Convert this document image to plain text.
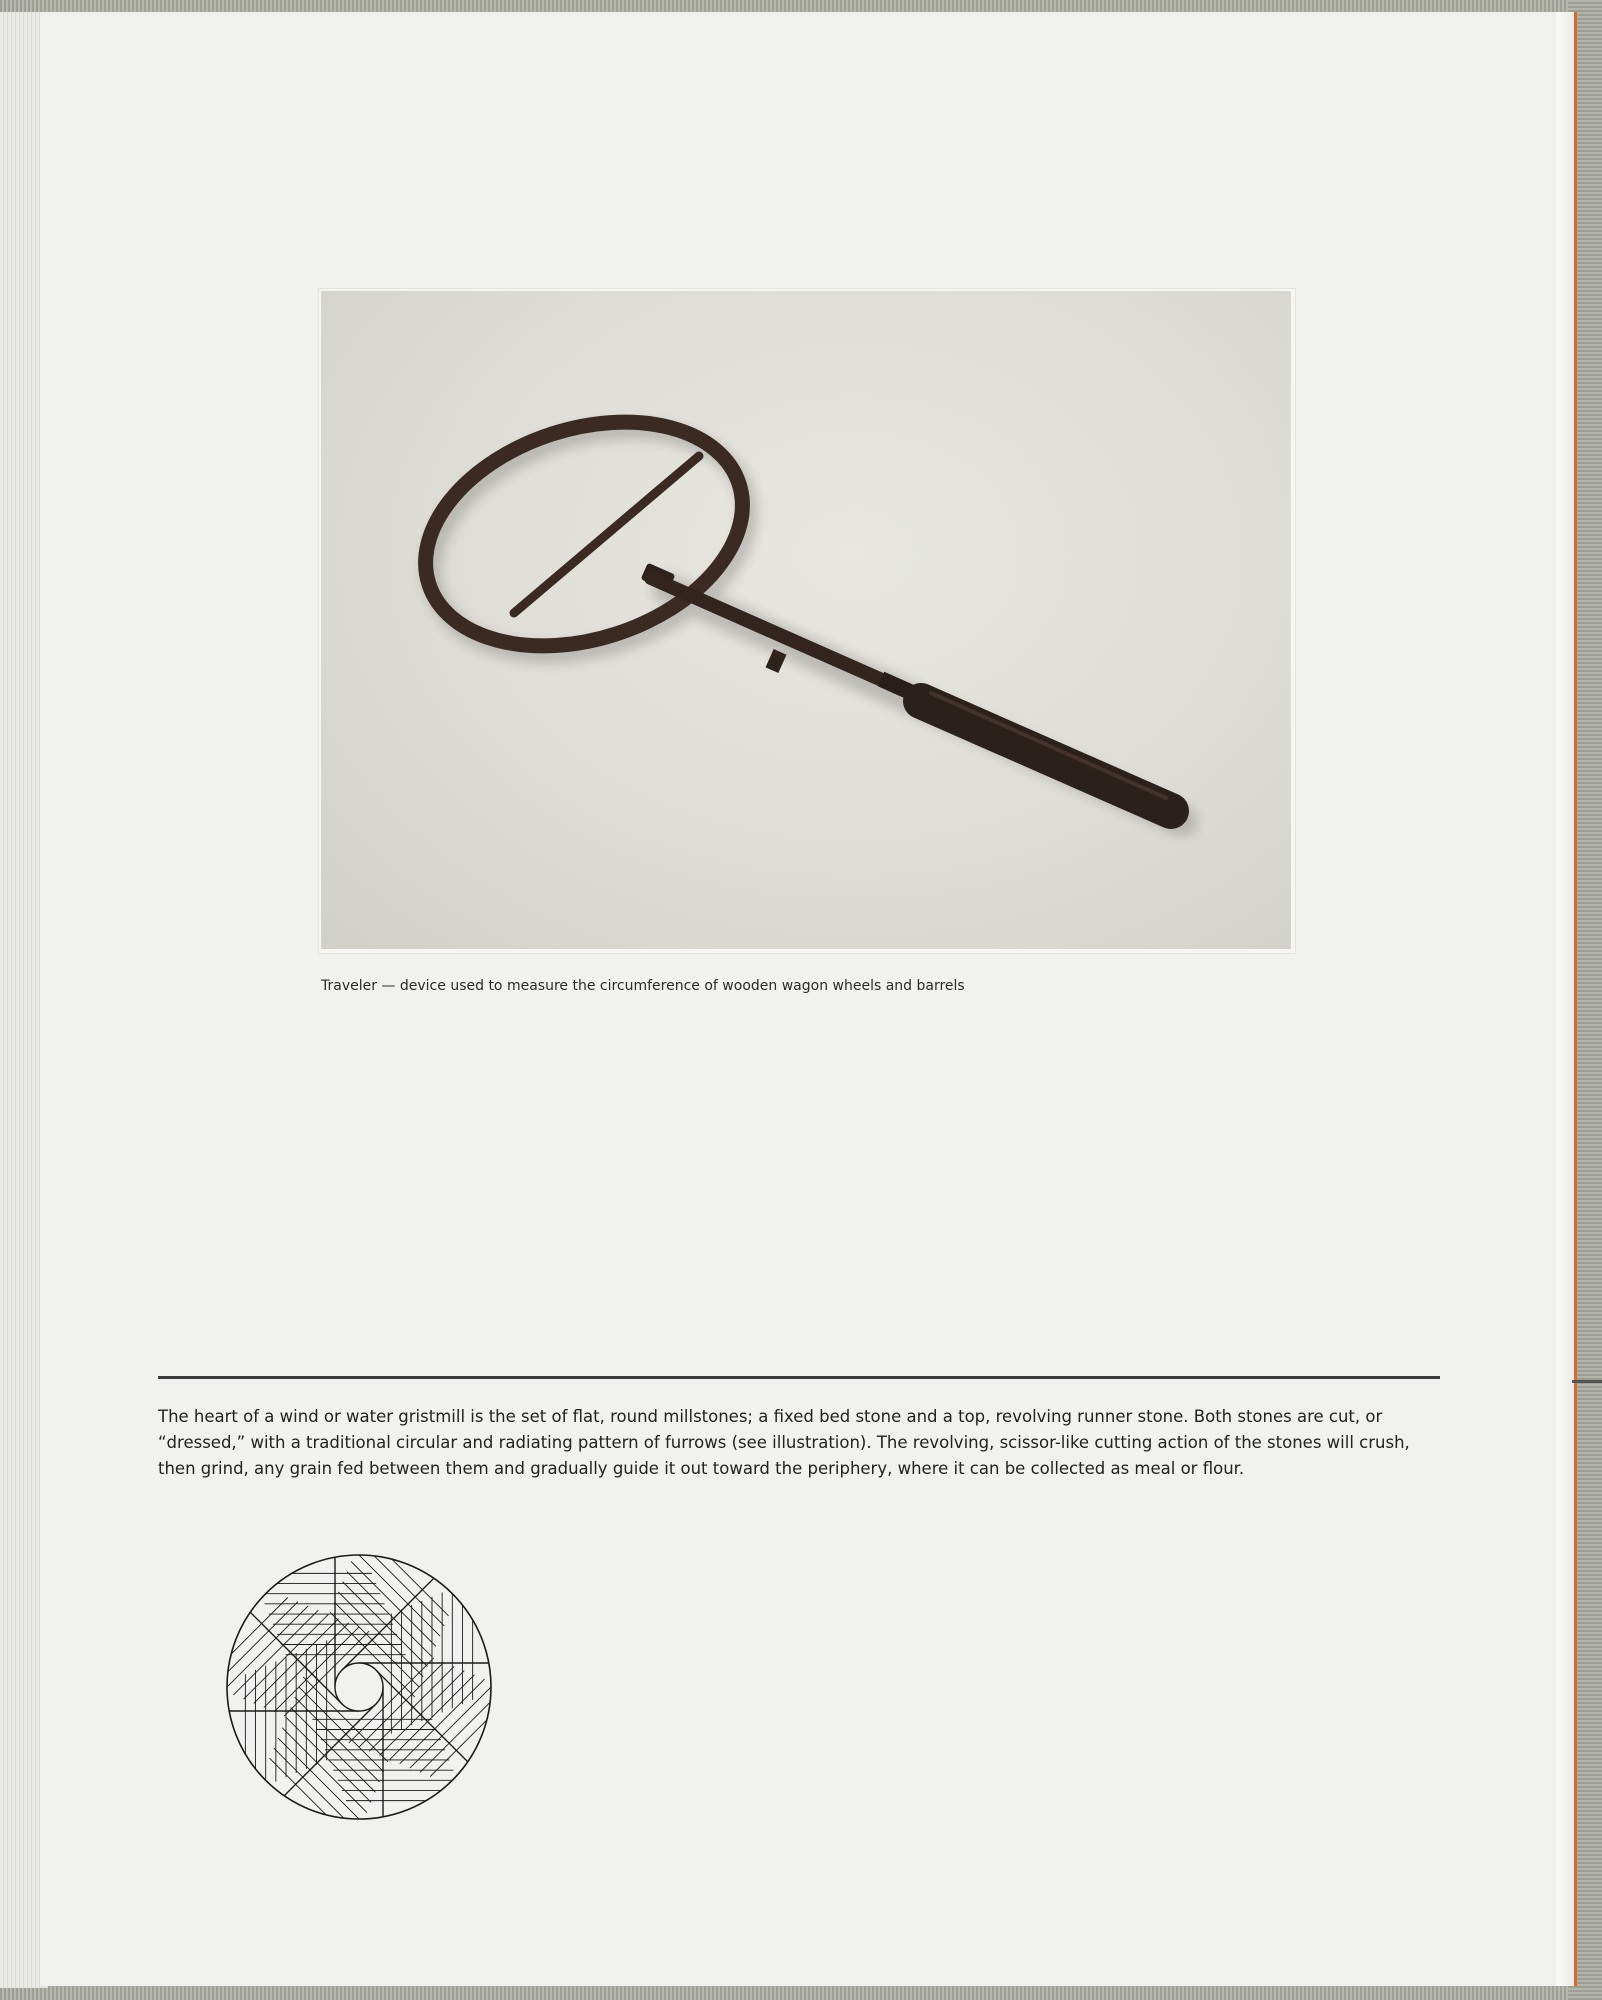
Traveler — device used to measure the circumference of wooden wagon wheels and barrels
The heart of a wind or water gristmill is the set of flat, round millstones; a fixed bed stone and a top, revolving runner stone. Both stones are cut, or “dressed,” with a traditional circular and radiating pattern of furrows (see illustration). The revolving, scissor-like cutting action of the stones will crush, then grind, any grain fed between them and gradually guide it out toward the periphery, where it can be collected as meal or flour.
